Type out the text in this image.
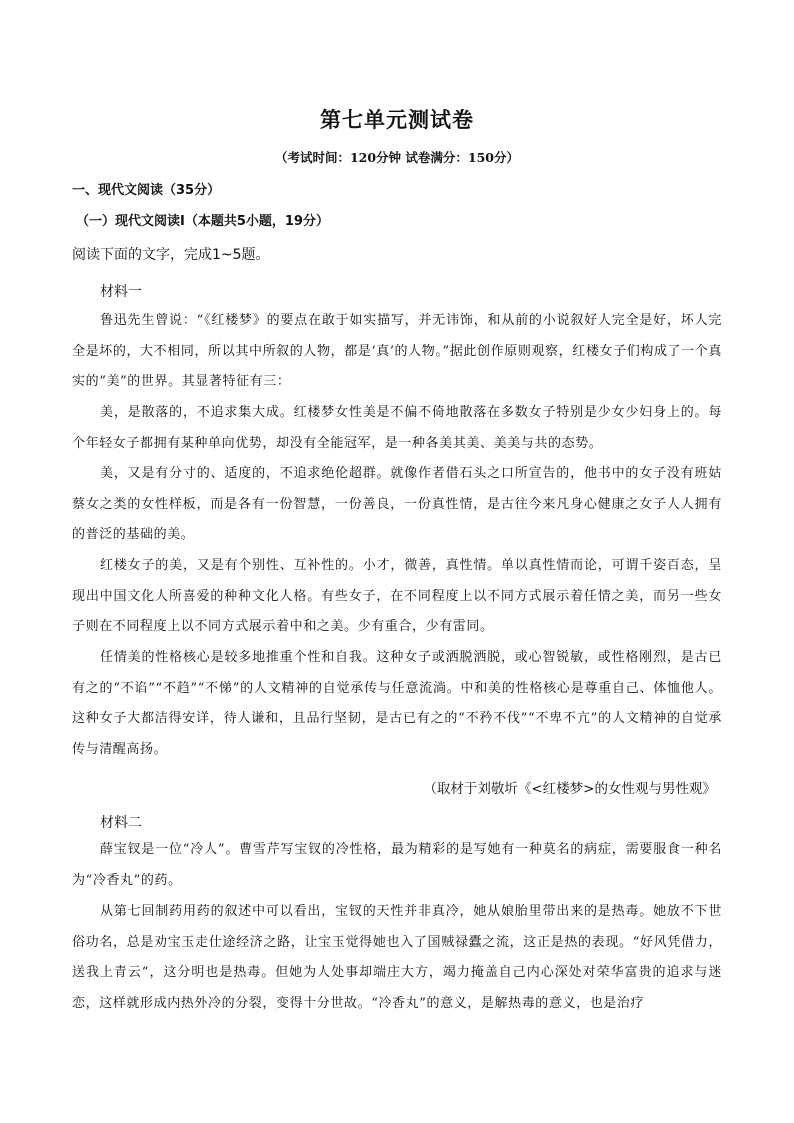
第七单元测试卷
（考试时间：120分钟 试卷满分：150分）
一、现代文阅读（35分）
（一）现代文阅读Ⅰ（本题共5小题，19分）
阅读下面的文字，完成1~5题。
材料一
鲁迅先生曾说：“《红楼梦》的要点在敢于如实描写，并无讳饰，和从前的小说叙好人完全是好，坏人完全是坏的，大不相同，所以其中所叙的人物，都是‘真’的人物。”据此创作原则观察，红楼女子们构成了一个真实的“美”的世界。其显著特征有三：
美，是散落的，不追求集大成。红楼梦女性美是不偏不倚地散落在多数女子特别是少女少妇身上的。每个年轻女子都拥有某种单向优势，却没有全能冠军，是一种各美其美、美美与共的态势。
美，又是有分寸的、适度的，不追求绝伦超群。就像作者借石头之口所宣告的，他书中的女子没有班姑蔡女之类的女性样板，而是各有一份智慧，一份善良，一份真性情，是古往今来凡身心健康之女子人人拥有的普泛的基础的美。
红楼女子的美，又是有个别性、互补性的。小才，微善，真性情。单以真性情而论，可谓千姿百态，呈现出中国文化人所喜爱的种种文化人格。有些女子，在不同程度上以不同方式展示着任情之美，而另一些女子则在不同程度上以不同方式展示着中和之美。少有重合，少有雷同。
任情美的性格核心是较多地推重个性和自我。这种女子或洒脱洒脱，或心智锐敏，或性格刚烈，是古已有之的“不谄”“不趋”“不悌”的人文精神的自觉承传与任意流淌。中和美的性格核心是尊重自己、体恤他人。这种女子大都洁得安详，待人谦和，且品行坚韧，是古已有之的“不矜不伐”“不卑不亢”的人文精神的自觉承传与清醒高扬。
（取材于刘敬圻《<红楼梦>的女性观与男性观》
材料二
薛宝钗是一位“冷人”。曹雪芹写宝钗的冷性格，最为精彩的是写她有一种莫名的病症，需要服食一种名为“冷香丸”的药。
从第七回制药用药的叙述中可以看出，宝钗的天性并非真冷，她从娘胎里带出来的是热毒。她放不下世俗功名，总是劝宝玉走仕途经济之路，让宝玉觉得她也入了国贼禄蠹之流，这正是热的表现。“好风凭借力，送我上青云”，这分明也是热毒。但她为人处事却端庄大方，竭力掩盖自己内心深处对荣华富贵的追求与迷恋，这样就形成内热外冷的分裂，变得十分世故。“冷香丸”的意义，是解热毒的意义，也是治疗
